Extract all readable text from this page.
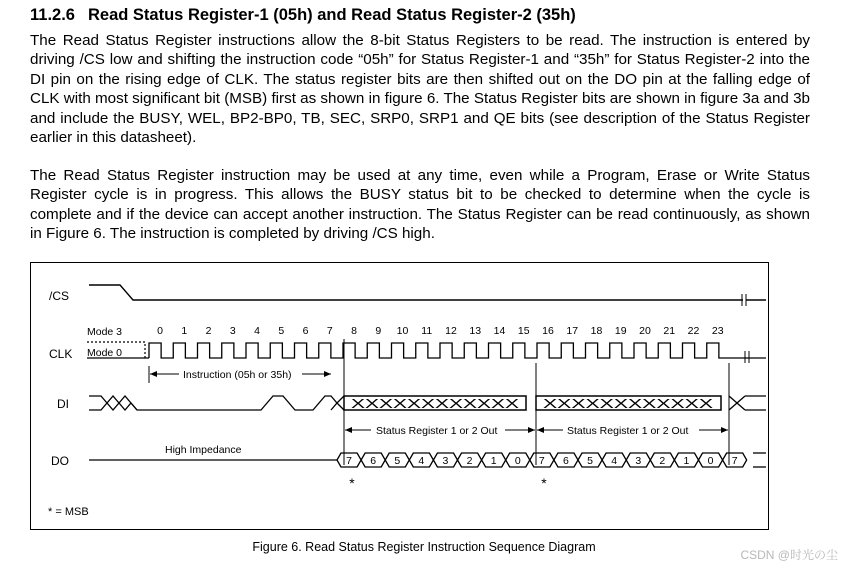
11.2.6 Read Status Register-1 (05h) and Read Status Register-2 (35h)
The Read Status Register instructions allow the 8-bit Status Registers to be read. The instruction is entered by driving /CS low and shifting the instruction code “05h” for Status Register-1 and “35h” for Status Register-2 into the DI pin on the rising edge of CLK. The status register bits are then shifted out on the DO pin at the falling edge of CLK with most significant bit (MSB) first as shown in figure 6. The Status Register bits are shown in figure 3a and 3b and include the BUSY, WEL, BP2-BP0, TB, SEC, SRP0, SRP1 and QE bits (see description of the Status Register earlier in this datasheet).
The Read Status Register instruction may be used at any time, even while a Program, Erase or Write Status Register cycle is in progress. This allows the BUSY status bit to be checked to determine when the cycle is complete and if the device can accept another instruction. The Status Register can be read continuously, as shown in Figure 6. The instruction is completed by driving /CS high.
/CS
CLK
DI
DO
Mode 3
Mode 0
0 1 2 3 4 5 6 7 8 9 10 11 12 13 14 15 16 17 18 19 20 21 22 23
Instruction (05h or 35h)
XXXXXXXXXXXX XXXXXXXXXXXX
Status Register 1 or 2 Out	Status Register 1 or 2 Out
High Impedance
7 6 5 4 3 2 1 0 7 6 5 4 3 2 1 0 7
*	*
* = MSB
Figure 6. Read Status Register Instruction Sequence Diagram
CSDN @时光の尘
